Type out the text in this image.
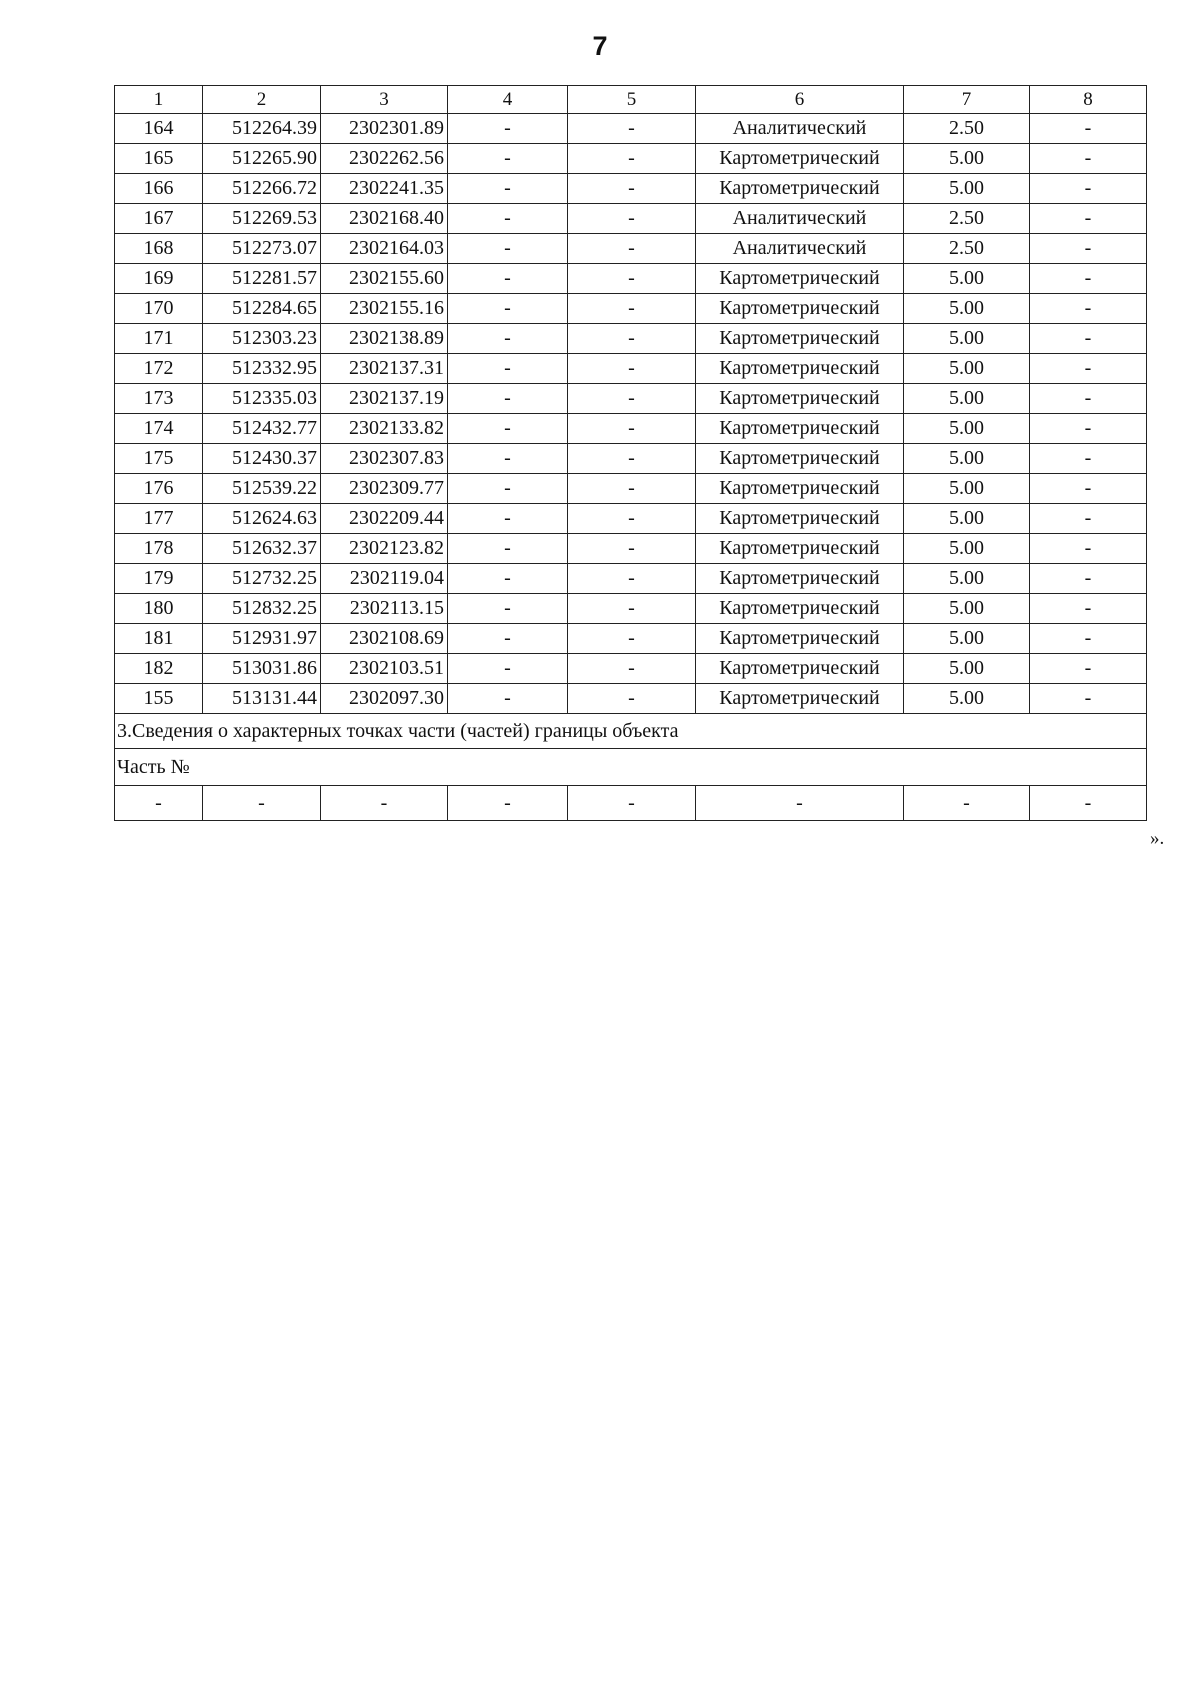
7
1	2	3	4	5	6	7	8
164	512264.39	2302301.89	-	-	Аналитический	2.50	-
165	512265.90	2302262.56	-	-	Картометрический	5.00	-
166	512266.72	2302241.35	-	-	Картометрический	5.00	-
167	512269.53	2302168.40	-	-	Аналитический	2.50	-
168	512273.07	2302164.03	-	-	Аналитический	2.50	-
169	512281.57	2302155.60	-	-	Картометрический	5.00	-
170	512284.65	2302155.16	-	-	Картометрический	5.00	-
171	512303.23	2302138.89	-	-	Картометрический	5.00	-
172	512332.95	2302137.31	-	-	Картометрический	5.00	-
173	512335.03	2302137.19	-	-	Картометрический	5.00	-
174	512432.77	2302133.82	-	-	Картометрический	5.00	-
175	512430.37	2302307.83	-	-	Картометрический	5.00	-
176	512539.22	2302309.77	-	-	Картометрический	5.00	-
177	512624.63	2302209.44	-	-	Картометрический	5.00	-
178	512632.37	2302123.82	-	-	Картометрический	5.00	-
179	512732.25	2302119.04	-	-	Картометрический	5.00	-
180	512832.25	2302113.15	-	-	Картометрический	5.00	-
181	512931.97	2302108.69	-	-	Картометрический	5.00	-
182	513031.86	2302103.51	-	-	Картометрический	5.00	-
155	513131.44	2302097.30	-	-	Картометрический	5.00	-
3.Сведения о характерных точках части (частей) границы объекта							
Часть №							
-	-	-	-	-	-	-	-
».
